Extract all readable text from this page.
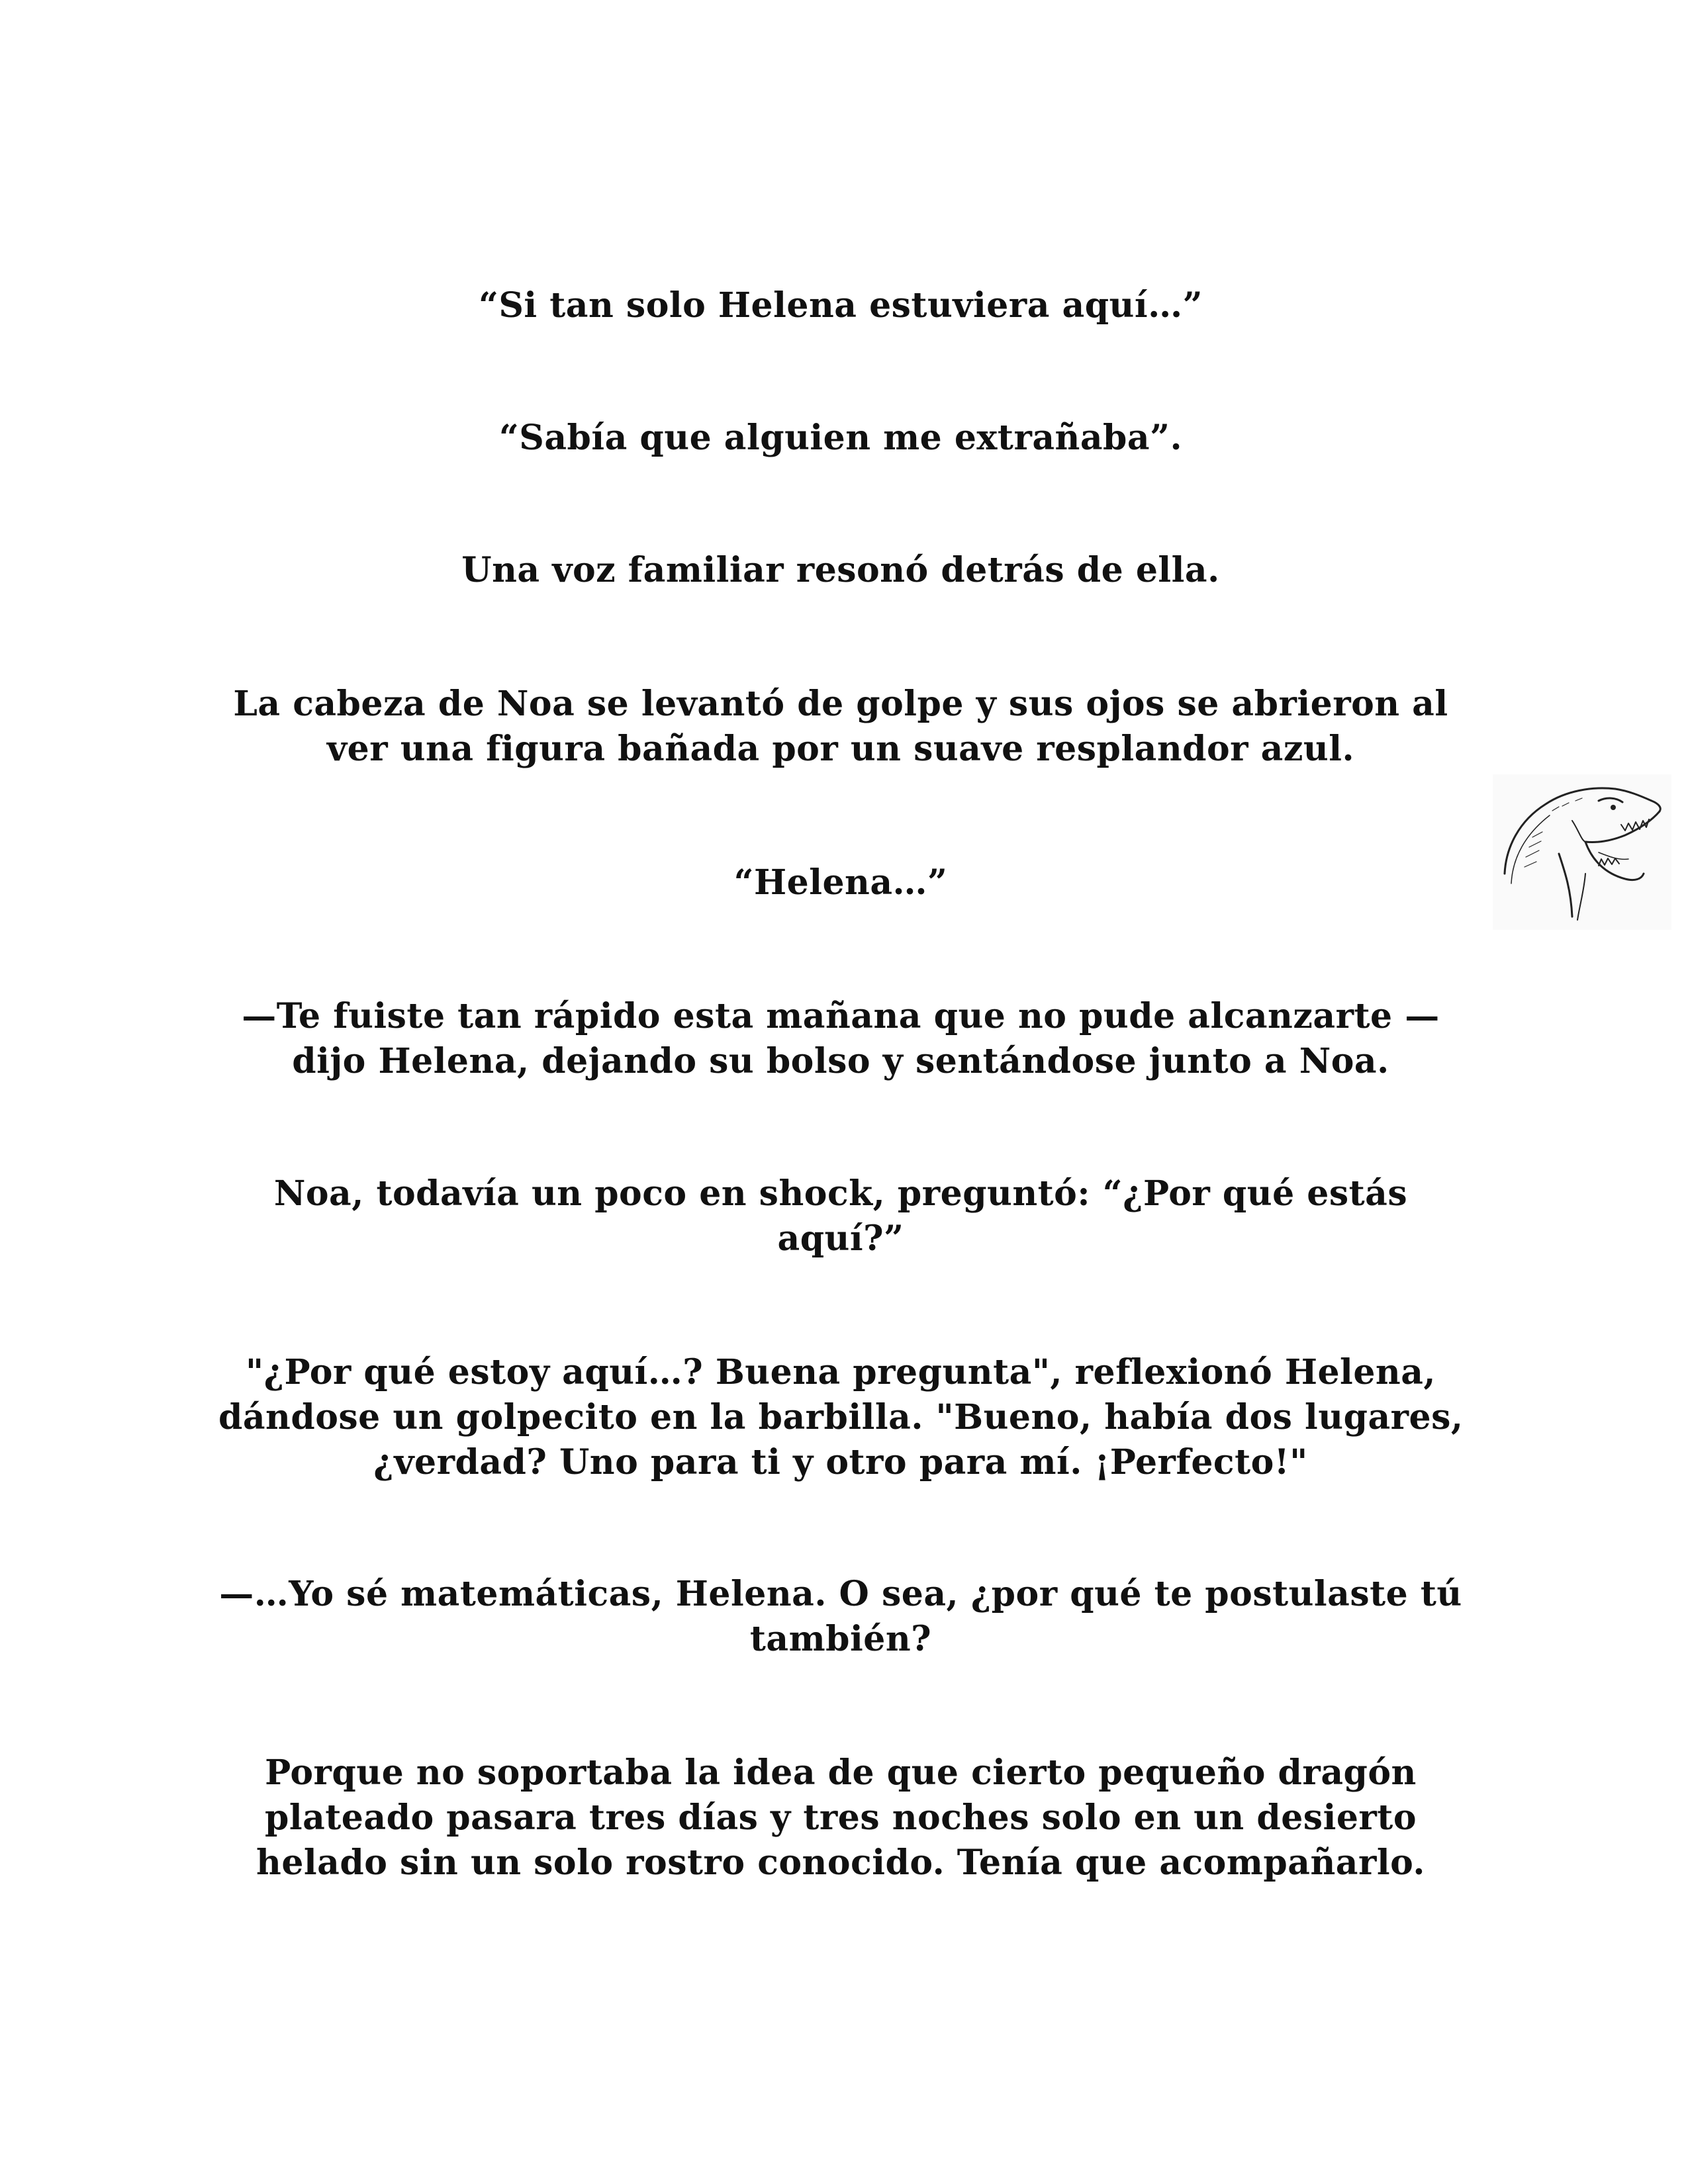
“Si tan solo Helena estuviera aquí…”
“Sabía que alguien me extrañaba”.
Una voz familiar resonó detrás de ella.
La cabeza de Noa se levantó de golpe y sus ojos se abrieron al
ver una figura bañada por un suave resplandor azul.
“Helena…”
—Te fuiste tan rápido esta mañana que no pude alcanzarte —
dijo Helena, dejando su bolso y sentándose junto a Noa.
Noa, todavía un poco en shock, preguntó: “¿Por qué estás
aquí?”
"¿Por qué estoy aquí…? Buena pregunta", reflexionó Helena,
dándose un golpecito en la barbilla. "Bueno, había dos lugares,
¿verdad? Uno para ti y otro para mí. ¡Perfecto!"
—…Yo sé matemáticas, Helena. O sea, ¿por qué te postulaste tú
también?
Porque no soportaba la idea de que cierto pequeño dragón
plateado pasara tres días y tres noches solo en un desierto
helado sin un solo rostro conocido. Tenía que acompañarlo.
